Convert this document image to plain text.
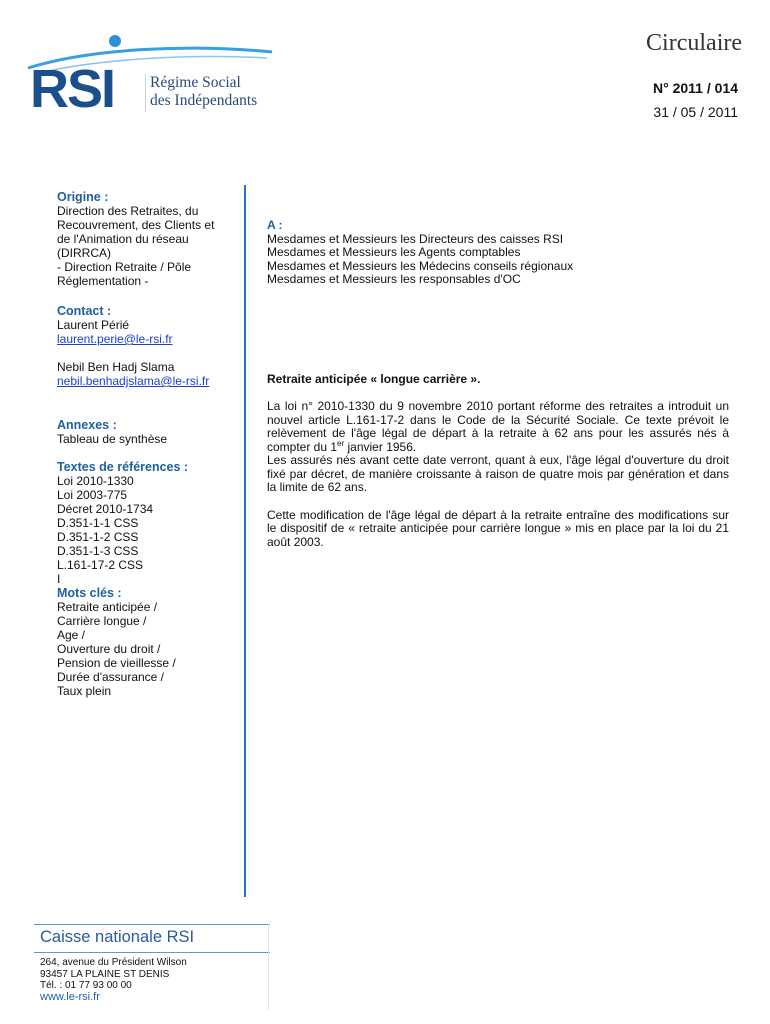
RSI Régime Social
des Indépendants
Circulaire
N° 2011 / 014
31 / 05 / 2011
Origine :
Direction des Retraites, du
Recouvrement, des Clients et
de l'Animation du réseau
(DIRRCA)
- Direction Retraite / Pôle
Réglementation -
Contact :
Laurent Périé
laurent.perie@le-rsi.fr
Nebil Ben Hadj Slama
nebil.benhadjslama@le-rsi.fr
Annexes :
Tableau de synthèse
Textes de références :
Loi 2010-1330
Loi 2003-775
Décret 2010-1734
D.351-1-1 CSS
D.351-1-2 CSS
D.351-1-3 CSS
L.161-17-2 CSS
I
Mots clés :
Retraite anticipée /
Carrière longue /
Age /
Ouverture du droit /
Pension de vieillesse /
Durée d'assurance /
Taux plein
A :
Mesdames et Messieurs les Directeurs des caisses RSI
Mesdames et Messieurs les Agents comptables
Mesdames et Messieurs les Médecins conseils régionaux
Mesdames et Messieurs les responsables d'OC
Retraite anticipée « longue carrière ».

La loi n° 2010-1330 du 9 novembre 2010 portant réforme des retraites a introduit un nouvel article L.161-17-2 dans le Code de la Sécurité Sociale. Ce texte prévoit le relèvement de l'âge légal de départ à la retraite à 62 ans pour les assurés nés à compter du 1er janvier 1956.

Les assurés nés avant cette date verront, quant à eux, l'âge légal d'ouverture du droit fixé par décret, de manière croissante à raison de quatre mois par génération et dans la limite de 62 ans.

Cette modification de l'âge légal de départ à la retraite entraîne des modifications sur le dispositif de « retraite anticipée pour carrière longue » mis en place par la loi du 21 août 2003.

Caisse nationale RSI
264, avenue du Président Wilson
93457 LA PLAINE ST DENIS
Tél. : 01 77 93 00 00
www.le-rsi.fr
